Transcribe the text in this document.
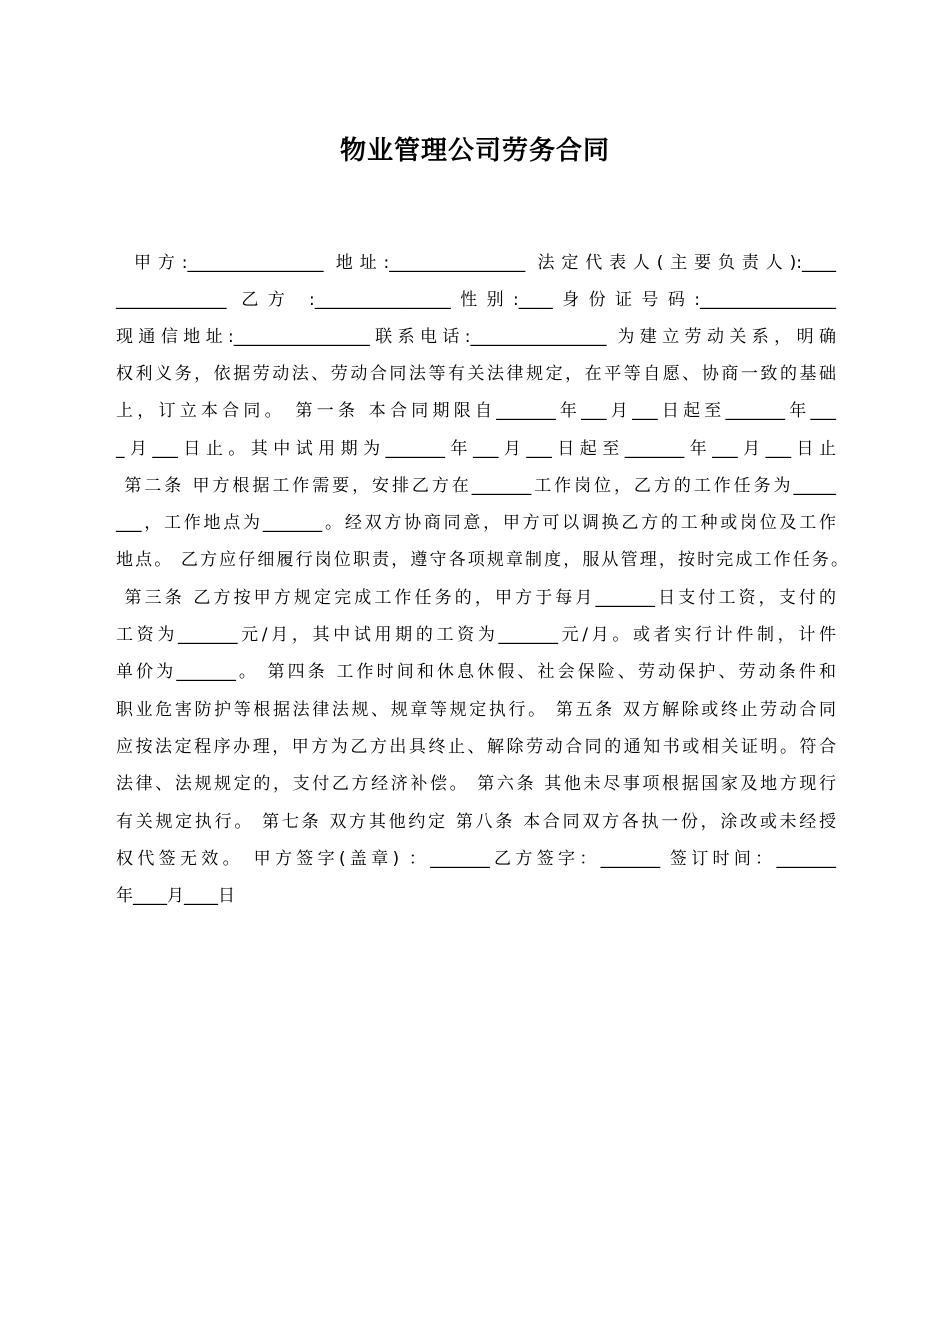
物业管理公司劳务合同

甲方:________________ 地址:________________ 法定代表人(主要负责人):____

_____________ 乙方 :________________性别:____身份证号码:________________

现通信地址:________________联系电话:________________ 为建立劳动关系，明确

权利义务，依据劳动法、劳动合同法等有关法律规定，在平等自愿、协商一致的基础

上，订立本合同。 第一条 本合同期限自_______年___月___日起至_______年___

_月___日止。其中试用期为_______年___月___日起至_______年___月___日止

第二条 甲方根据工作需要，安排乙方在_______工作岗位，乙方的工作任务为_____

___，工作地点为_______。经双方协商同意，甲方可以调换乙方的工种或岗位及工作

地点。 乙方应仔细履行岗位职责，遵守各项规章制度，服从管理，按时完成工作任务。

第三条 乙方按甲方规定完成工作任务的，甲方于每月_______日支付工资，支付的

工资为_______元/月，其中试用期的工资为_______元/月。或者实行计件制，计件

单价为_______。 第四条 工作时间和休息休假、社会保险、劳动保护、劳动条件和

职业危害防护等根据法律法规、规章等规定执行。 第五条 双方解除或终止劳动合同

应按法定程序办理，甲方为乙方出具终止、解除劳动合同的通知书或相关证明。符合

法律、法规规定的，支付乙方经济补偿。 第六条 其他未尽事项根据国家及地方现行

有关规定执行。 第七条 双方其他约定 第八条 本合同双方各执一份，涂改或未经授

权代签无效。 甲方签字(盖章) ：_______乙方签字：_______ 签订时间：_______

年____月____日
